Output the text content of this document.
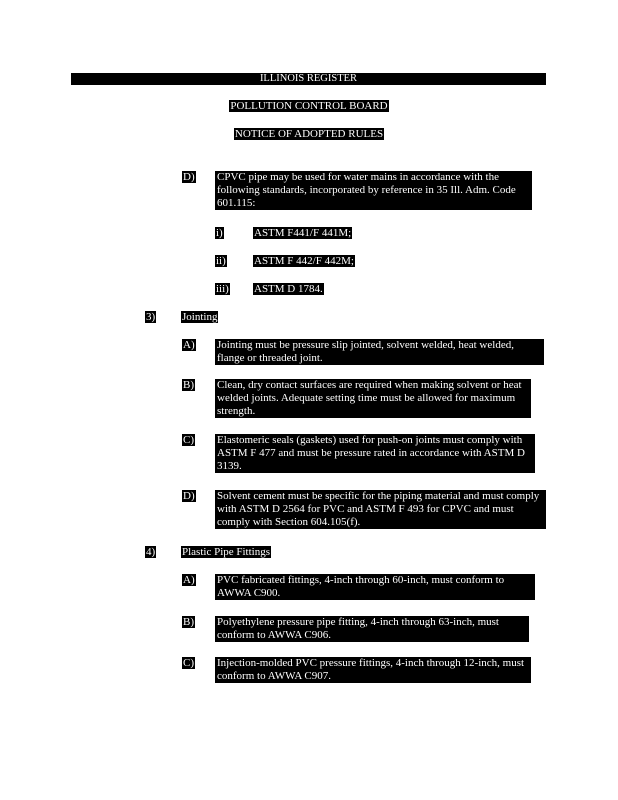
ILLINOIS REGISTER
POLLUTION CONTROL BOARD
NOTICE OF ADOPTED RULES
D) CPVC pipe may be used for water mains in accordance with the following standards, incorporated by reference in 35 Ill. Adm. Code 601.115:
i)	ASTM F441/F 441M;
ii)	ASTM F 442/F 442M;
iii) ASTM D 1784.
3) Jointing
A) Jointing must be pressure slip jointed, solvent welded, heat welded, flange or threaded joint.
B) Clean, dry contact surfaces are required when making solvent or heat welded joints. Adequate setting time must be allowed for maximum strength.
C) Elastomeric seals (gaskets) used for push-on joints must comply with ASTM F 477 and must be pressure rated in accordance with ASTM D 3139.
D) Solvent cement must be specific for the piping material and must comply with ASTM D 2564 for PVC and ASTM F 493 for CPVC and must comply with Section 604.105(f).
4) Plastic Pipe Fittings
A) PVC fabricated fittings, 4-inch through 60-inch, must conform to AWWA C900.
B) Polyethylene pressure pipe fitting, 4-inch through 63-inch, must conform to AWWA C906.
C) Injection-molded PVC pressure fittings, 4-inch through 12-inch, must conform to AWWA C907.
